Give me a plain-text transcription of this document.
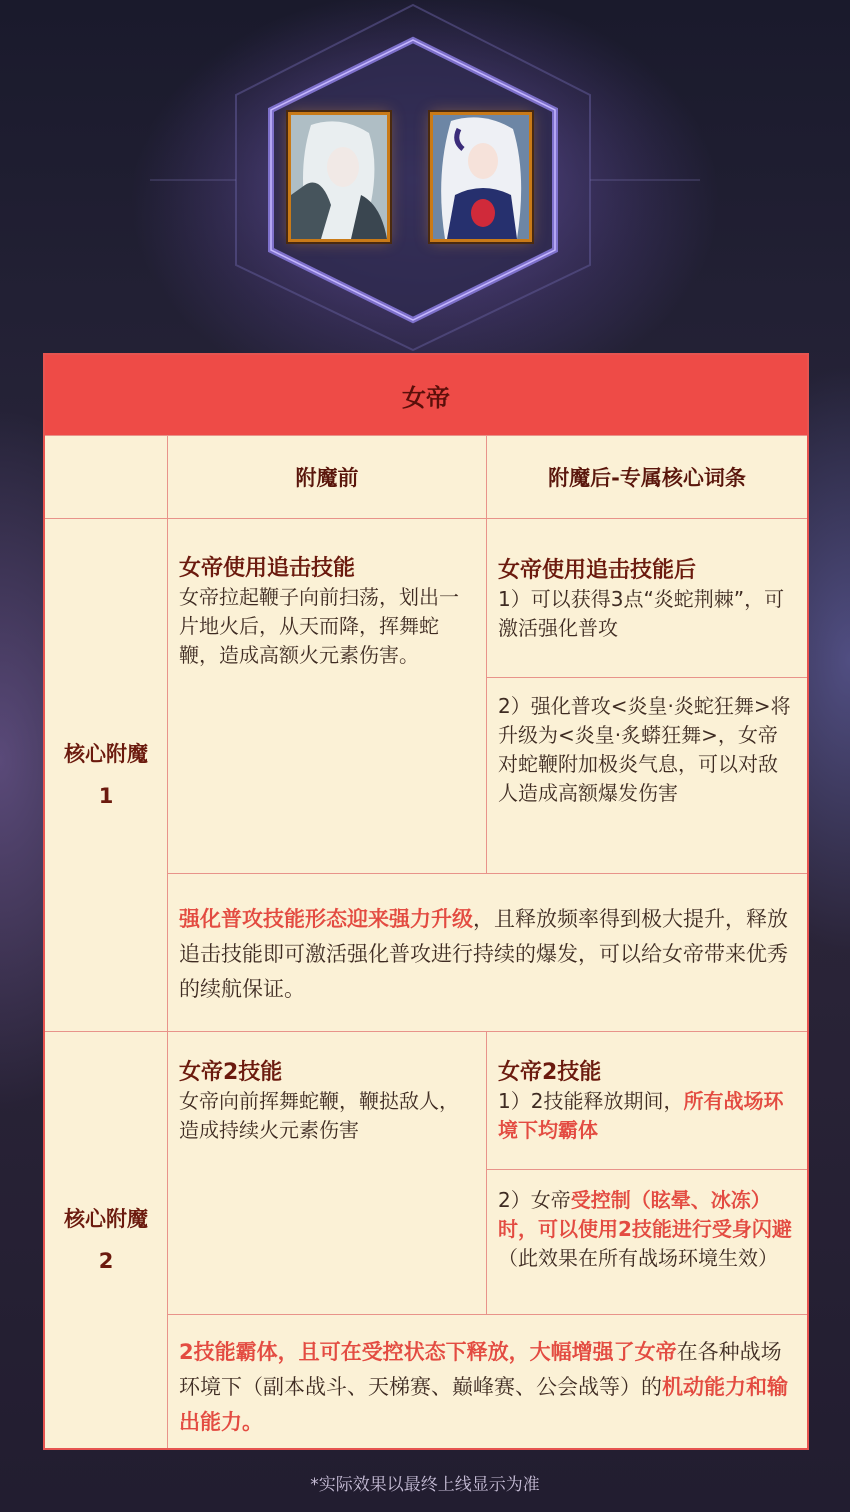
女帝
附魔前	附魔后-专属核心词条
核心附魔
1
女帝使用追击技能
女帝拉起鞭子向前扫荡，划出一片地火后，从天而降，挥舞蛇鞭，造成高额火元素伤害。
女帝使用追击技能后
1）可以获得3点“炎蛇荆棘”，可激活强化普攻
2）强化普攻<炎皇·炎蛇狂舞>将升级为<炎皇·炙蟒狂舞>，女帝对蛇鞭附加极炎气息，可以对敌人造成高额爆发伤害
强化普攻技能形态迎来强力升级，且释放频率得到极大提升，释放追击技能即可激活强化普攻进行持续的爆发，可以给女帝带来优秀的续航保证。
核心附魔
2
女帝2技能
女帝向前挥舞蛇鞭，鞭挞敌人，造成持续火元素伤害
女帝2技能
1）2技能释放期间，所有战场环境下均霸体
2）女帝受控制（眩晕、冰冻）时，可以使用2技能进行受身闪避（此效果在所有战场环境生效）
2技能霸体，且可在受控状态下释放，大幅增强了女帝在各种战场环境下（副本战斗、天梯赛、巅峰赛、公会战等）的机动能力和输出能力。
*实际效果以最终上线显示为准
